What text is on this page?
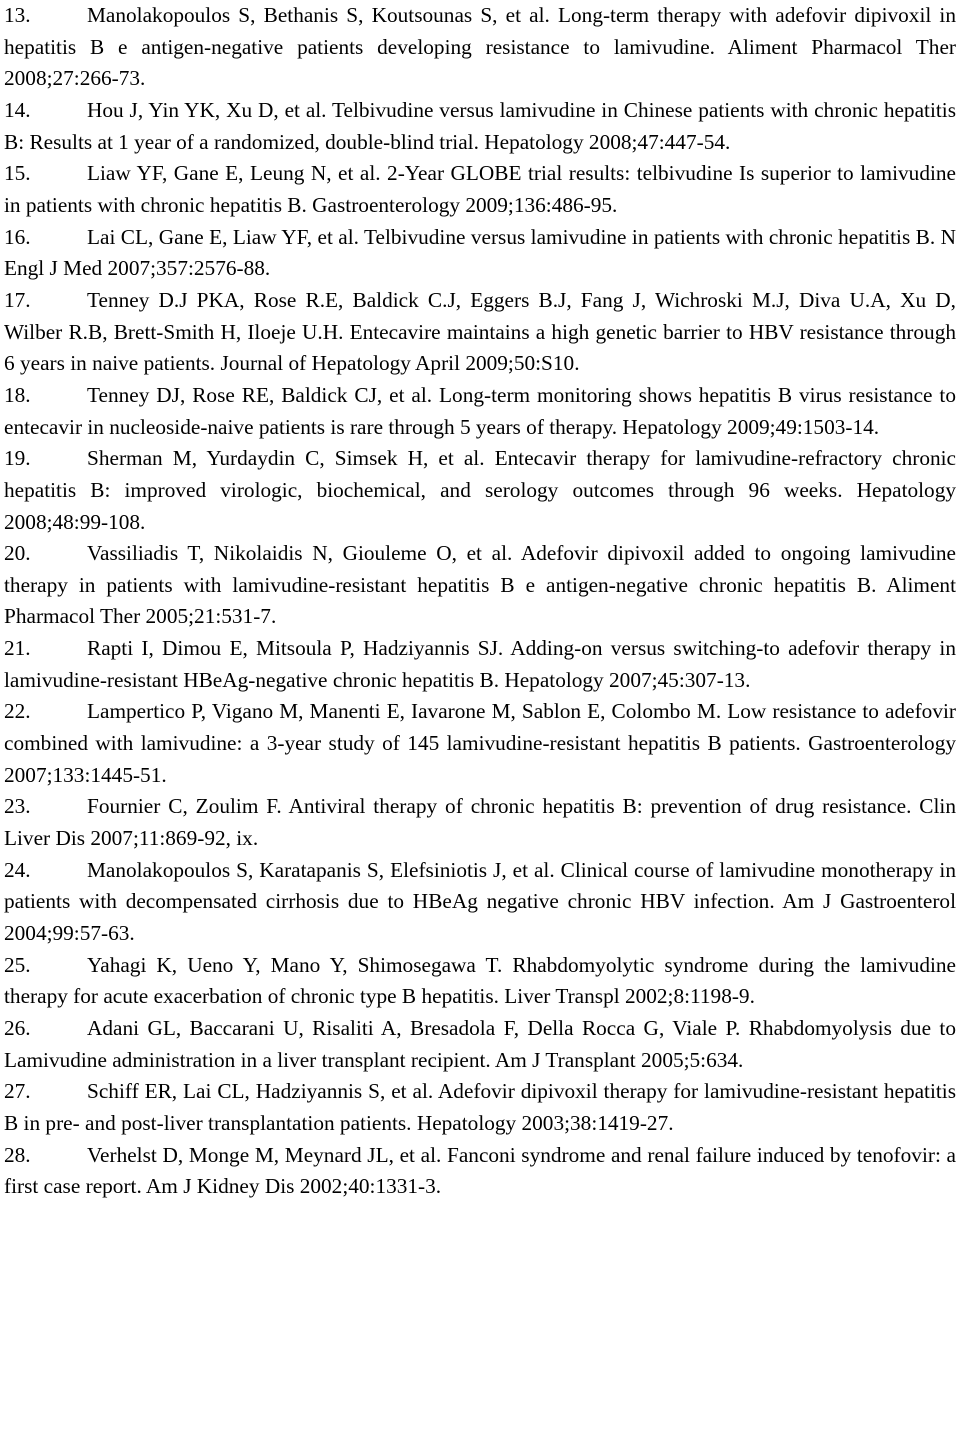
13.	Manolakopoulos S, Bethanis S, Koutsounas S, et al. Long-term therapy with adefovir dipivoxil in hepatitis B e antigen-negative patients developing resistance to lamivudine. Aliment Pharmacol Ther 2008;27:266-73.

14.	Hou J, Yin YK, Xu D, et al. Telbivudine versus lamivudine in Chinese patients with chronic hepatitis B: Results at 1 year of a randomized, double-blind trial. Hepatology 2008;47:447-54.

15.	Liaw YF, Gane E, Leung N, et al. 2-Year GLOBE trial results: telbivudine Is superior to lamivudine in patients with chronic hepatitis B. Gastroenterology 2009;136:486-95.

16.	Lai CL, Gane E, Liaw YF, et al. Telbivudine versus lamivudine in patients with chronic hepatitis B. N Engl J Med 2007;357:2576-88.

17.	Tenney D.J PKA, Rose R.E, Baldick C.J, Eggers B.J, Fang J, Wichroski M.J, Diva U.A, Xu D, Wilber R.B, Brett-Smith H, Iloeje U.H. Entecavire maintains a high genetic barrier to HBV resistance through 6 years in naive patients. Journal of Hepatology April 2009;50:S10.

18.	Tenney DJ, Rose RE, Baldick CJ, et al. Long-term monitoring shows hepatitis B virus resistance to entecavir in nucleoside-naive patients is rare through 5 years of therapy. Hepatology 2009;49:1503-14.

19.	Sherman M, Yurdaydin C, Simsek H, et al. Entecavir therapy for lamivudine-refractory chronic hepatitis B: improved virologic, biochemical, and serology outcomes through 96 weeks. Hepatology 2008;48:99-108.

20.	Vassiliadis T, Nikolaidis N, Giouleme O, et al. Adefovir dipivoxil added to ongoing lamivudine therapy in patients with lamivudine-resistant hepatitis B e antigen-negative chronic hepatitis B. Aliment Pharmacol Ther 2005;21:531-7.

21.	Rapti I, Dimou E, Mitsoula P, Hadziyannis SJ. Adding-on versus switching-to adefovir therapy in lamivudine-resistant HBeAg-negative chronic hepatitis B. Hepatology 2007;45:307-13.

22.	Lampertico P, Vigano M, Manenti E, Iavarone M, Sablon E, Colombo M. Low resistance to adefovir combined with lamivudine: a 3-year study of 145 lamivudine-resistant hepatitis B patients. Gastroenterology 2007;133:1445-51.

23.	Fournier C, Zoulim F. Antiviral therapy of chronic hepatitis B: prevention of drug resistance. Clin Liver Dis 2007;11:869-92, ix.

24.	Manolakopoulos S, Karatapanis S, Elefsiniotis J, et al. Clinical course of lamivudine monotherapy in patients with decompensated cirrhosis due to HBeAg negative chronic HBV infection. Am J Gastroenterol 2004;99:57-63.

25.	Yahagi K, Ueno Y, Mano Y, Shimosegawa T. Rhabdomyolytic syndrome during the lamivudine therapy for acute exacerbation of chronic type B hepatitis. Liver Transpl 2002;8:1198-9.

26.	Adani GL, Baccarani U, Risaliti A, Bresadola F, Della Rocca G, Viale P. Rhabdomyolysis due to Lamivudine administration in a liver transplant recipient. Am J Transplant 2005;5:634.

27.	Schiff ER, Lai CL, Hadziyannis S, et al. Adefovir dipivoxil therapy for lamivudine-resistant hepatitis B in pre- and post-liver transplantation patients. Hepatology 2003;38:1419-27.

28.	Verhelst D, Monge M, Meynard JL, et al. Fanconi syndrome and renal failure induced by tenofovir: a first case report. Am J Kidney Dis 2002;40:1331-3.
